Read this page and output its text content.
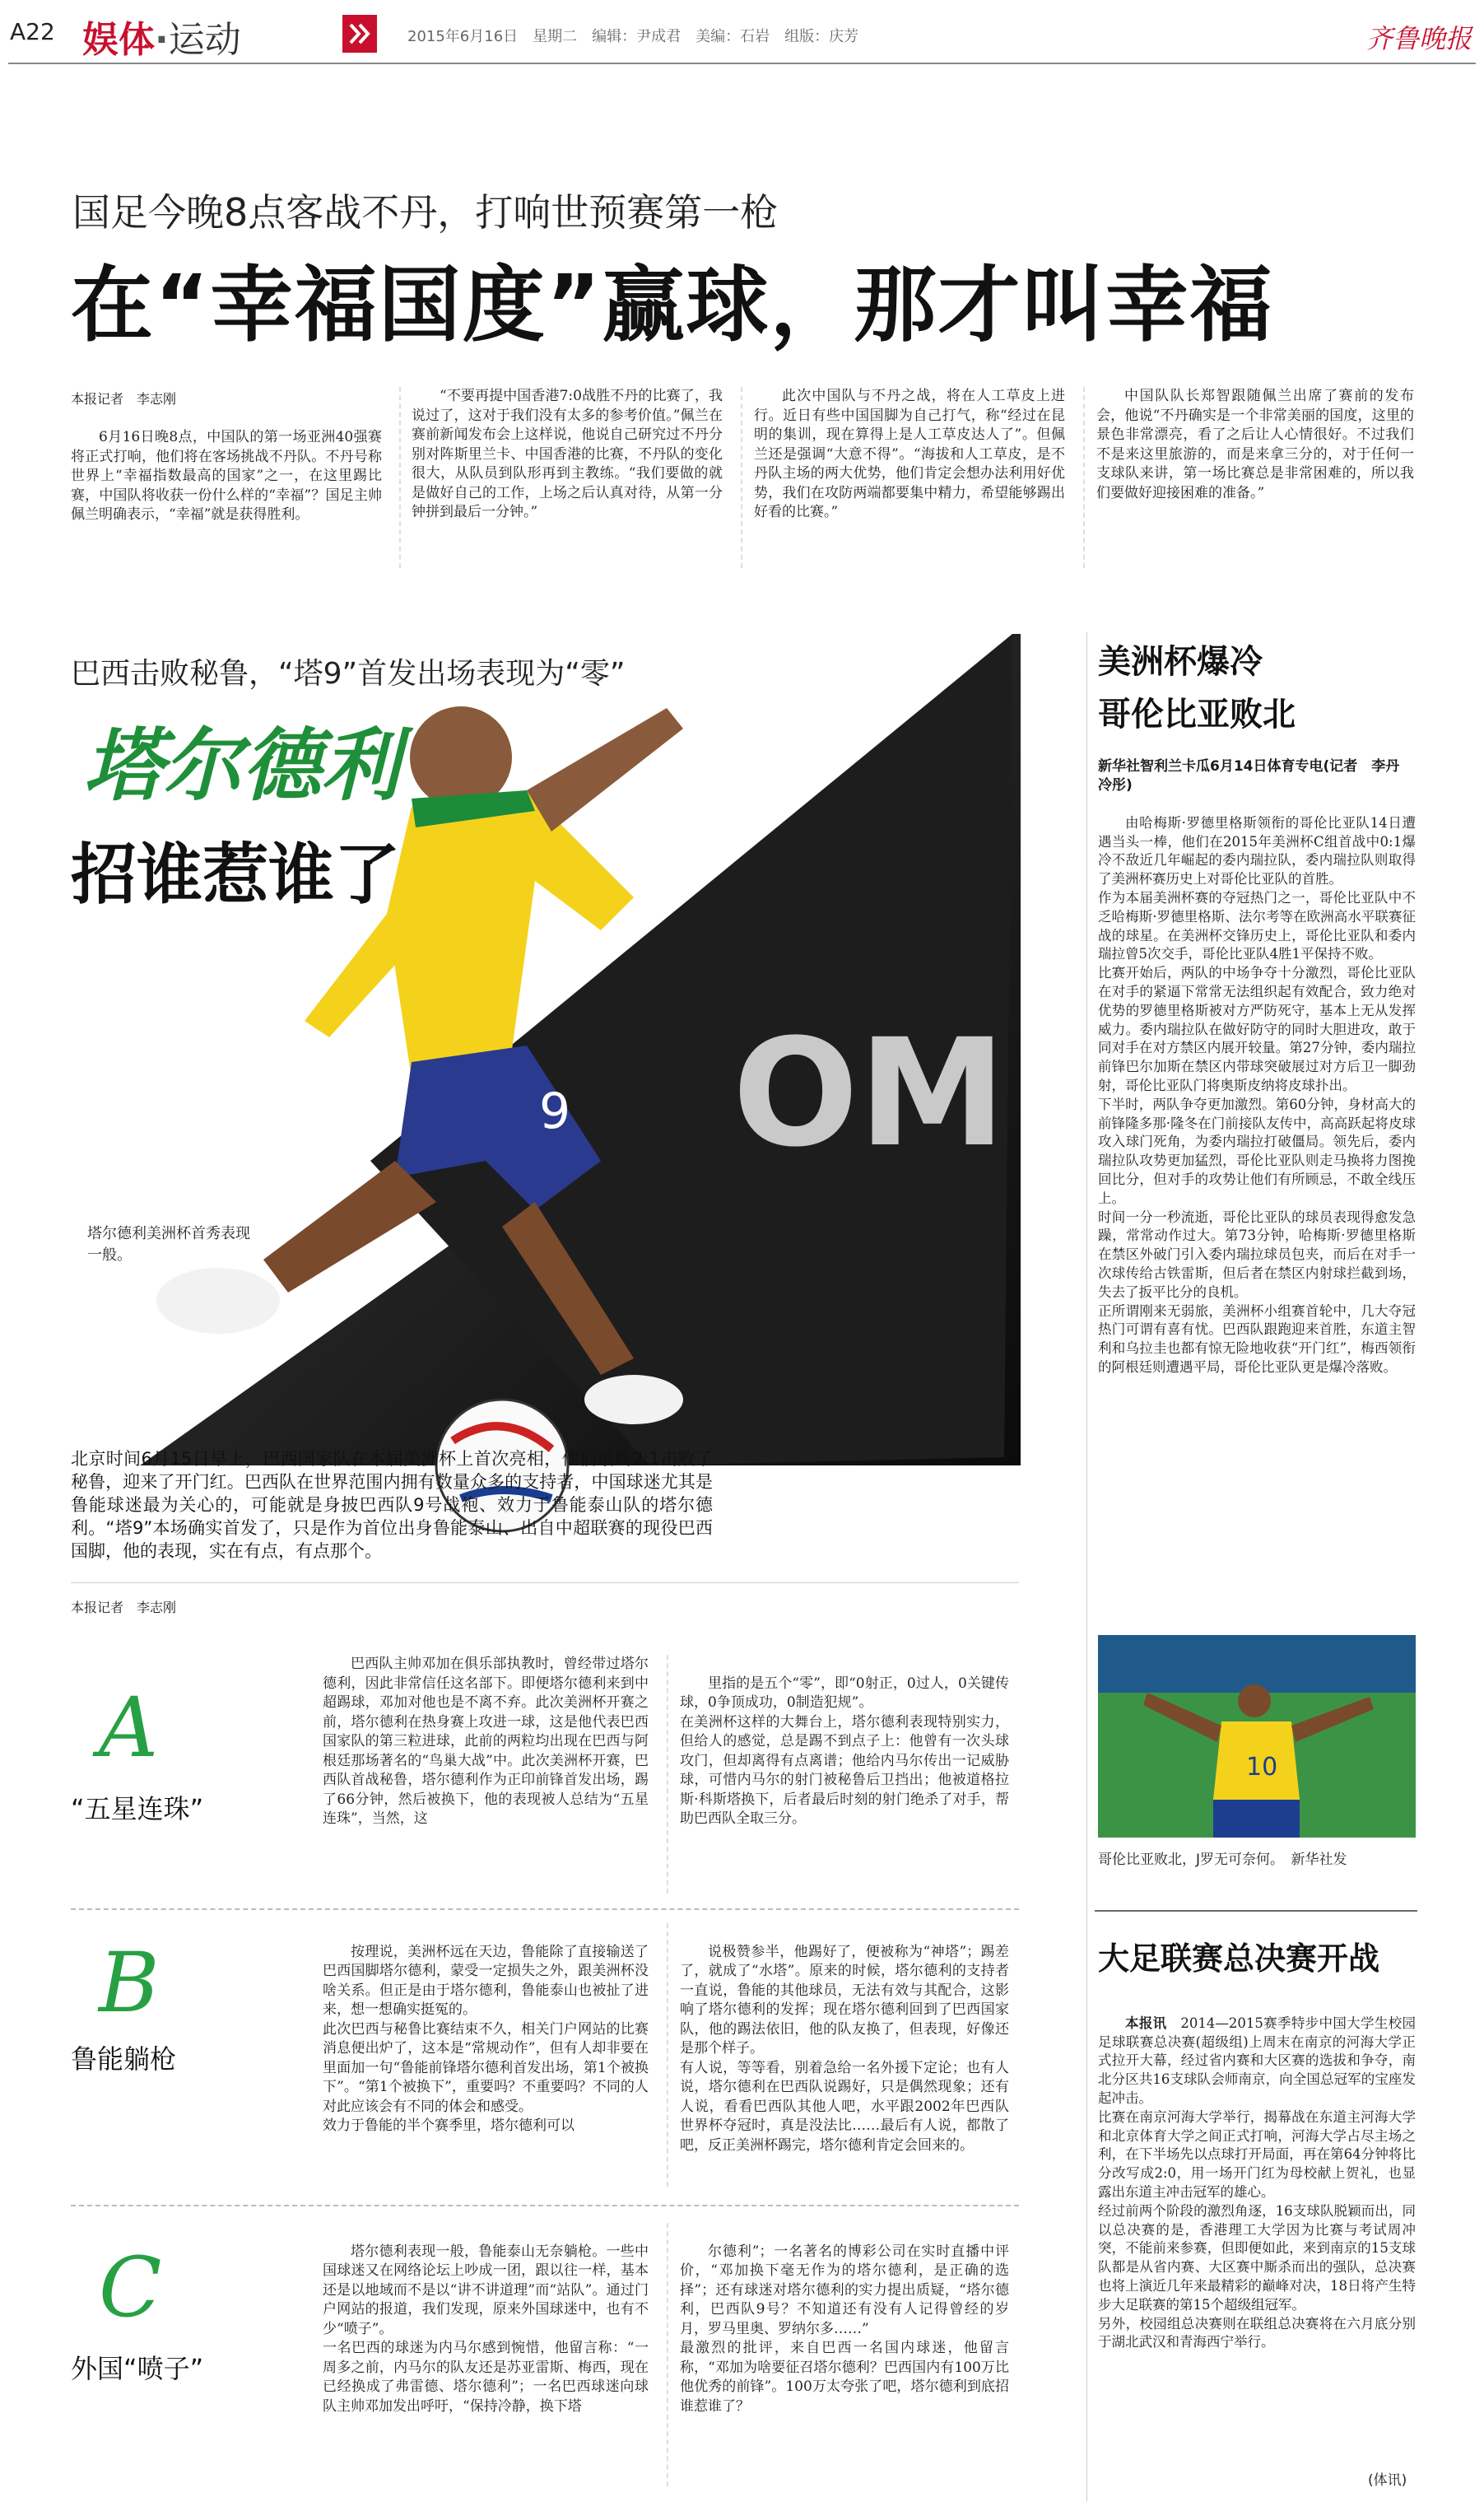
A22 娱体·运动	2015年6月16日　星期二　编辑：尹成君　美编：石岩　组版：庆芳	齐鲁晚报
国足今晚8点客战不丹，打响世预赛第一枪
在“幸福国度”赢球，那才叫幸福
本报记者　 李志刚

6月16日晚8点，中国队的第一场亚洲40强赛将正式打响，他们将在客场挑战不丹队。不丹号称世界上“幸福指数最高的国家”之一，在这里踢比赛，中国队将收获一份什么样的“幸福”？国足主帅佩兰明确表示，“幸福”就是获得胜利。

“不要再提中国香港7:0战胜不丹的比赛了，我说过了，这对于我们没有太多的参考价值。”佩兰在赛前新闻发布会上这样说，他说自己研究过不丹分别对阵斯里兰卡、中国香港的比赛，不丹队的变化很大，从队员到队形再到主教练。“我们要做的就是做好自己的工作，上场之后认真对待，从第一分钟拼到最后一分钟。”

此次中国队与不丹之战，将在人工草皮上进行。近日有些中国国脚为自己打气，称“经过在昆明的集训，现在算得上是人工草皮达人了”。但佩兰还是强调“大意不得”。“海拔和人工草皮，是不丹队主场的两大优势，他们肯定会想办法利用好优势，我们在攻防两端都要集中精力，希望能够踢出好看的比赛。”

中国队队长郑智跟随佩兰出席了赛前的发布会，他说“不丹确实是一个非常美丽的国度，这里的景色非常漂亮，看了之后让人心情很好。不过我们不是来这里旅游的，而是来拿三分的，对于任何一支球队来讲，第一场比赛总是非常困难的，所以我们要做好迎接困难的准备。”

OM
9
巴西击败秘鲁，“塔9”首发出场表现为“零”
塔尔德利
招谁惹谁了
塔尔德利美洲杯首秀表现一般。
北京时间6月15日早上，巴西国家队在本届美洲杯上首次亮相，他们最终2:1击败了秘鲁，迎来了开门红。巴西队在世界范围内拥有数量众多的支持者，中国球迷尤其是鲁能球迷最为关心的，可能就是身披巴西队9号战袍、效力于鲁能泰山队的塔尔德利。“塔9”本场确实首发了，只是作为首位出身鲁能泰山、出自中超联赛的现役巴西国脚，他的表现，实在有点，有点那个。
本报记者　 李志刚
A
“五星连珠”

巴西队主帅邓加在俱乐部执教时，曾经带过塔尔德利，因此非常信任这名部下。即便塔尔德利来到中超踢球，邓加对他也是不离不弃。此次美洲杯开赛之前，塔尔德利在热身赛上攻进一球，这是他代表巴西国家队的第三粒进球，此前的两粒均出现在巴西与阿根廷那场著名的“鸟巢大战”中。此次美洲杯开赛，巴西队首战秘鲁，塔尔德利作为正印前锋首发出场，踢了66分钟，然后被换下，他的表现被人总结为“五星连珠”，当然，这

里指的是五个“零”，即“0射正，0过人，0关键传球，0争顶成功，0制造犯规”。
在美洲杯这样的大舞台上，塔尔德利表现特别实力，但给人的感觉，总是踢不到点子上：他曾有一次头球攻门，但却离得有点离谱；他给内马尔传出一记威胁球，可惜内马尔的射门被秘鲁后卫挡出；他被道格拉斯·科斯塔换下，后者最后时刻的射门绝杀了对手，帮助巴西队全取三分。

B
鲁能躺枪

按理说，美洲杯远在天边，鲁能除了直接输送了巴西国脚塔尔德利，蒙受一定损失之外，跟美洲杯没啥关系。但正是由于塔尔德利，鲁能泰山也被扯了进来，想一想确实挺冤的。
此次巴西与秘鲁比赛结束不久，相关门户网站的比赛消息便出炉了，这本是“常规动作”，但有人却非要在里面加一句“鲁能前锋塔尔德利首发出场，第1个被换下”。“第1个被换下”，重要吗？不重要吗？不同的人对此应该会有不同的体会和感受。
效力于鲁能的半个赛季里，塔尔德利可以

说极赞参半，他踢好了，便被称为“神塔”；踢差了，就成了“水塔”。原来的时候，塔尔德利的支持者一直说，鲁能的其他球员，无法有效与其配合，这影响了塔尔德利的发挥；现在塔尔德利回到了巴西国家队，他的踢法依旧，他的队友换了，但表现，好像还是那个样子。
有人说，等等看，别着急给一名外援下定论；也有人说，塔尔德利在巴西队说踢好，只是偶然现象；还有人说，看看巴西队其他人吧，水平跟2002年巴西队世界杯夺冠时，真是没法比……最后有人说，都散了吧，反正美洲杯踢完，塔尔德利肯定会回来的。

C
外国“喷子”

塔尔德利表现一般，鲁能泰山无奈躺枪。一些中国球迷又在网络论坛上吵成一团，跟以往一样，基本还是以地域而不是以“讲不讲道理”而“站队”。通过门户网站的报道，我们发现，原来外国球迷中，也有不少“喷子”。
一名巴西的球迷为内马尔感到惋惜，他留言称：“一周多之前，内马尔的队友还是苏亚雷斯、梅西，现在已经换成了弗雷德、塔尔德利”；一名巴西球迷向球队主帅邓加发出呼吁，“保持冷静，换下塔

尔德利”；一名著名的博彩公司在实时直播中评价，“邓加换下毫无作为的塔尔德利，是正确的选择”；还有球迷对塔尔德利的实力提出质疑，“塔尔德利，巴西队9号？不知道还有没有人记得曾经的岁月，罗马里奥、罗纳尔多……”
最激烈的批评，来自巴西一名国内球迷，他留言称，“邓加为啥要征召塔尔德利？巴西国内有100万比他优秀的前锋”。100万太夸张了吧，塔尔德利到底招谁惹谁了？

美洲杯爆冷
哥伦比亚败北
新华社智利兰卡瓜6月14日体育专电(记者　李丹　冷彤)

由哈梅斯·罗德里格斯领衔的哥伦比亚队14日遭遇当头一棒，他们在2015年美洲杯C组首战中0:1爆冷不敌近几年崛起的委内瑞拉队，委内瑞拉队则取得了美洲杯赛历史上对哥伦比亚队的首胜。
作为本届美洲杯赛的夺冠热门之一，哥伦比亚队中不乏哈梅斯·罗德里格斯、法尔考等在欧洲高水平联赛征战的球星。在美洲杯交锋历史上，哥伦比亚队和委内瑞拉曾5次交手，哥伦比亚队4胜1平保持不败。
比赛开始后，两队的中场争夺十分激烈，哥伦比亚队在对手的紧逼下常常无法组织起有效配合，致力绝对优势的罗德里格斯被对方严防死守，基本上无从发挥威力。委内瑞拉队在做好防守的同时大胆进攻，敢于同对手在对方禁区内展开较量。第27分钟，委内瑞拉前锋巴尔加斯在禁区内带球突破展过对方后卫一脚劲射，哥伦比亚队门将奥斯皮纳将皮球扑出。
下半时，两队争夺更加激烈。第60分钟，身材高大的前锋隆多那·隆冬在门前接队友传中，高高跃起将皮球攻入球门死角，为委内瑞拉打破僵局。领先后，委内瑞拉队攻势更加猛烈，哥伦比亚队则走马换将力图挽回比分，但对手的攻势让他们有所顾忌，不敢全线压上。
时间一分一秒流逝，哥伦比亚队的球员表现得愈发急躁，常常动作过大。第73分钟，哈梅斯·罗德里格斯在禁区外破门引入委内瑞拉球员包夹，而后在对手一次球传给古铁雷斯，但后者在禁区内射球拦截到场，失去了扳平比分的良机。
正所谓刚来无弱旅，美洲杯小组赛首轮中，几大夺冠热门可谓有喜有忧。巴西队跟跑迎来首胜，东道主智利和乌拉圭也都有惊无险地收获“开门红”，梅西领衔的阿根廷则遭遇平局，哥伦比亚队更是爆冷落败。

10
哥伦比亚败北，J罗无可奈何。　新华社发
大足联赛总决赛开战

本报讯　 2014—2015赛季特步中国大学生校园足球联赛总决赛(超级组)上周末在南京的河海大学正式拉开大幕，经过省内赛和大区赛的选拔和争夺，南北分区共16支球队会师南京，向全国总冠军的宝座发起冲击。
比赛在南京河海大学举行，揭幕战在东道主河海大学和北京体育大学之间正式打响，河海大学占尽主场之利，在下半场先以点球打开局面，再在第64分钟将比分改写成2:0，用一场开门红为母校献上贺礼，也显露出东道主冲击冠军的雄心。
经过前两个阶段的激烈角逐，16支球队脱颖而出，同以总决赛的是，香港理工大学因为比赛与考试周冲突，不能前来参赛，但即便如此，来到南京的15支球队都是从省内赛、大区赛中厮杀而出的强队，总决赛也将上演近几年来最精彩的巅峰对决，18日将产生特步大足联赛的第15个超级组冠军。
另外，校园组总决赛则在联组总决赛将在六月底分别于湖北武汉和青海西宁举行。

(体讯)
